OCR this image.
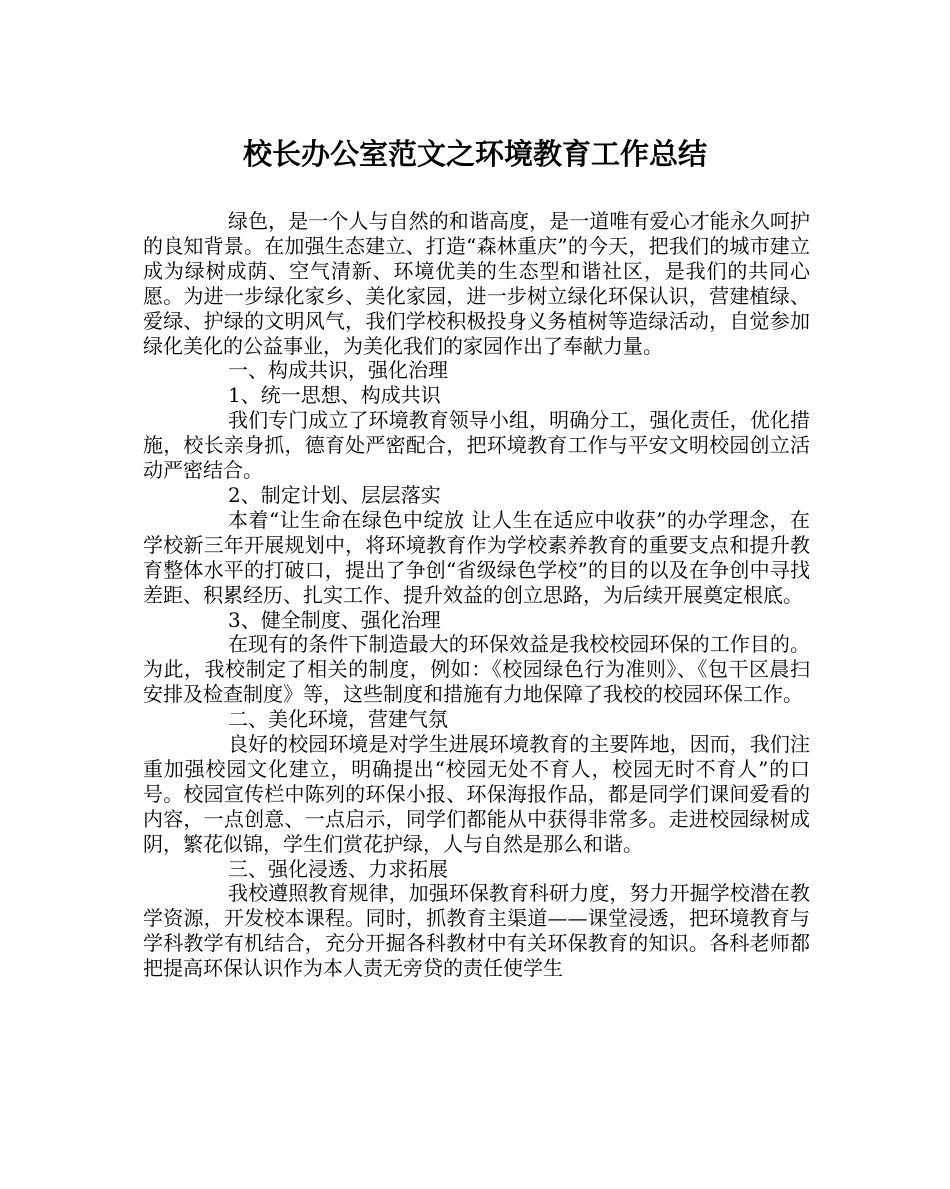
校长办公室范文之环境教育工作总结

绿色，是一个人与自然的和谐高度，是一道唯有爱心才能永久呵护的良知背景。在加强生态建立、打造“森林重庆”的今天，把我们的城市建立成为绿树成荫、空气清新、环境优美的生态型和谐社区，是我们的共同心愿。为进一步绿化家乡、美化家园，进一步树立绿化环保认识，营建植绿、爱绿、护绿的文明风气，我们学校积极投身义务植树等造绿活动，自觉参加绿化美化的公益事业，为美化我们的家园作出了奉献力量。

一、构成共识，强化治理

1、统一思想、构成共识

我们专门成立了环境教育领导小组，明确分工，强化责任，优化措施，校长亲身抓，德育处严密配合，把环境教育工作与平安文明校园创立活动严密结合。

2、制定计划、层层落实

本着“让生命在绿色中绽放 让人生在适应中收获”的办学理念，在学校新三年开展规划中，将环境教育作为学校素养教育的重要支点和提升教育整体水平的打破口，提出了争创“省级绿色学校”的目的以及在争创中寻找差距、积累经历、扎实工作、提升效益的创立思路，为后续开展奠定根底。

3、健全制度、强化治理

在现有的条件下制造最大的环保效益是我校校园环保的工作目的。为此，我校制定了相关的制度，例如：《校园绿色行为准则》、《包干区晨扫安排及检查制度》等，这些制度和措施有力地保障了我校的校园环保工作。

二、美化环境，营建气氛

良好的校园环境是对学生进展环境教育的主要阵地，因而，我们注重加强校园文化建立，明确提出“校园无处不育人，校园无时不育人”的口号。校园宣传栏中陈列的环保小报、环保海报作品，都是同学们课间爱看的内容，一点创意、一点启示，同学们都能从中获得非常多。走进校园绿树成阴，繁花似锦，学生们赏花护绿，人与自然是那么和谐。

三、强化浸透、力求拓展

我校遵照教育规律，加强环保教育科研力度，努力开掘学校潜在教学资源，开发校本课程。同时，抓教育主渠道——课堂浸透，把环境教育与学科教学有机结合，充分开掘各科教材中有关环保教育的知识。各科老师都把提高环保认识作为本人责无旁贷的责任使学生
